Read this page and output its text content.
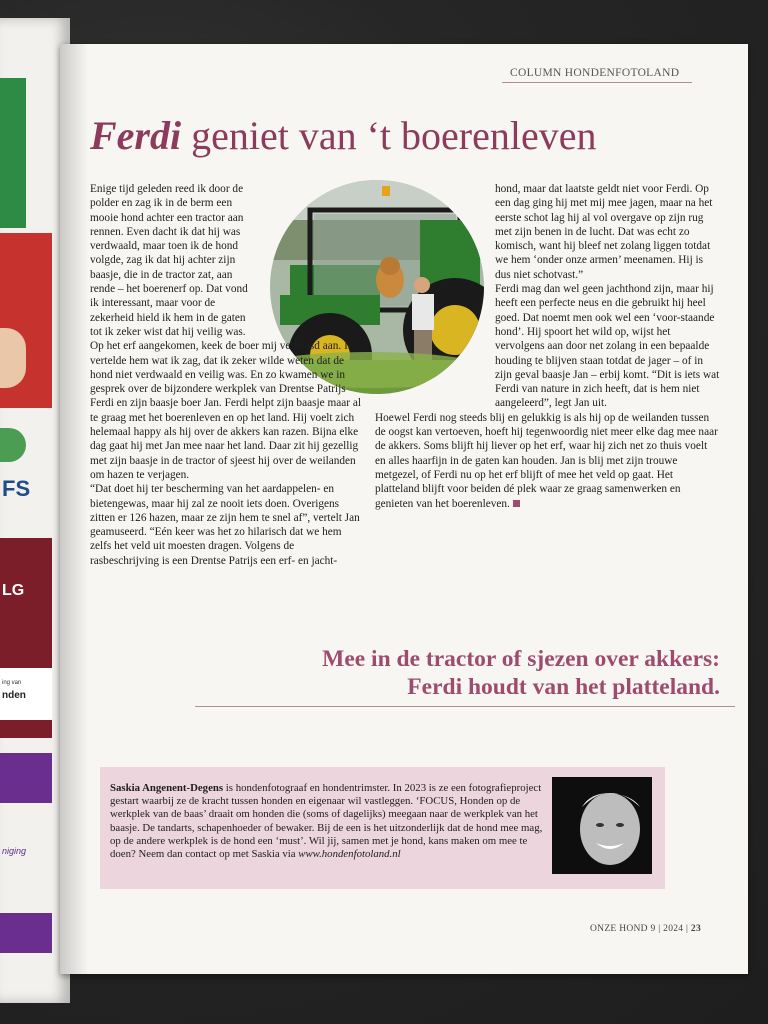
FS
LG
ing van
nden
niging
COLUMN HONDENFOTOLAND
Ferdi geniet van ‘t boerenleven

Enige tijd geleden reed ik door de polder en zag ik in de berm een mooie hond achter een tractor aan rennen. Even dacht ik dat hij was verdwaald, maar toen ik de hond volgde, zag ik dat hij achter zijn baasje, die in de tractor zat, aan rende – het boerenerf op. Dat vond ik interessant, maar voor de zekerheid hield ik hem in de gaten tot ik zeker wist dat hij veilig was.

Op het erf aangekomen, keek de boer mij verbaasd aan. Ik vertelde hem wat ik zag, dat ik zeker wilde weten dat de hond niet verdwaald en veilig was. En zo kwamen we in gesprek over de bijzondere werkplek van Drentse Patrijs Ferdi en zijn baasje boer Jan. Ferdi helpt zijn baasje maar al te graag met het boerenleven en op het land. Hij voelt zich helemaal happy als hij over de akkers kan razen. Bijna elke dag gaat hij met Jan mee naar het land. Daar zit hij gezellig met zijn baasje in de tractor of sjeest hij over de weilanden om hazen te verjagen.

“Dat doet hij ter bescherming van het aardappelen- en bietengewas, maar hij zal ze nooit iets doen. Overigens zitten er 126 hazen, maar ze zijn hem te snel af”, vertelt Jan geamuseerd. “Eén keer was het zo hilarisch dat we hem zelfs het veld uit moesten dragen. Volgens de rasbeschrijving is een Drentse Patrijs een erf- en jacht-

hond, maar dat laatste geldt niet voor Ferdi. Op een dag ging hij met mij mee jagen, maar na het eerste schot lag hij al vol overgave op zijn rug met zijn benen in de lucht. Dat was echt zo komisch, want hij bleef net zolang liggen totdat we hem ‘onder onze armen’ meenamen. Hij is dus niet schotvast.”

Ferdi mag dan wel geen jachthond zijn, maar hij heeft een perfecte neus en die gebruikt hij heel goed. Dat noemt men ook wel een ‘voor-staande hond’. Hij spoort het wild op, wijst het vervolgens aan door net zolang in een bepaalde houding te blijven staan totdat de jager – of in zijn geval baasje Jan – erbij komt. “Dit is iets wat Ferdi van nature in zich heeft, dat is hem niet aangeleerd”, legt Jan uit.

Hoewel Ferdi nog steeds blij en gelukkig is als hij op de weilanden tussen de oogst kan vertoeven, hoeft hij tegenwoordig niet meer elke dag mee naar de akkers. Soms blijft hij liever op het erf, waar hij zich net zo thuis voelt en alles haarfijn in de gaten kan houden. Jan is blij met zijn trouwe metgezel, of Ferdi nu op het erf blijft of mee het veld op gaat. Het platteland blijft voor beiden dé plek waar ze graag samenwerken en genieten van het boerenleven.

Mee in de tractor of sjezen over akkers:
Ferdi houdt van het platteland.
Saskia Angenent-Degens is hondenfotograaf en hondentrimster. In 2023 is ze een fotografieproject gestart waarbij ze de kracht tussen honden en eigenaar wil vastleggen. ‘FOCUS, Honden op de werkplek van de baas’ draait om honden die (soms of dagelijks) meegaan naar de werkplek van het baasje. De tandarts, schapenhoeder of bewaker. Bij de een is het uitzonderlijk dat de hond mee mag, op de andere werkplek is de hond een ‘must’. Wil jij, samen met je hond, kans maken om mee te doen? Neem dan contact op met Saskia via www.hondenfotoland.nl
ONZE HOND 9 | 2024 | 23
